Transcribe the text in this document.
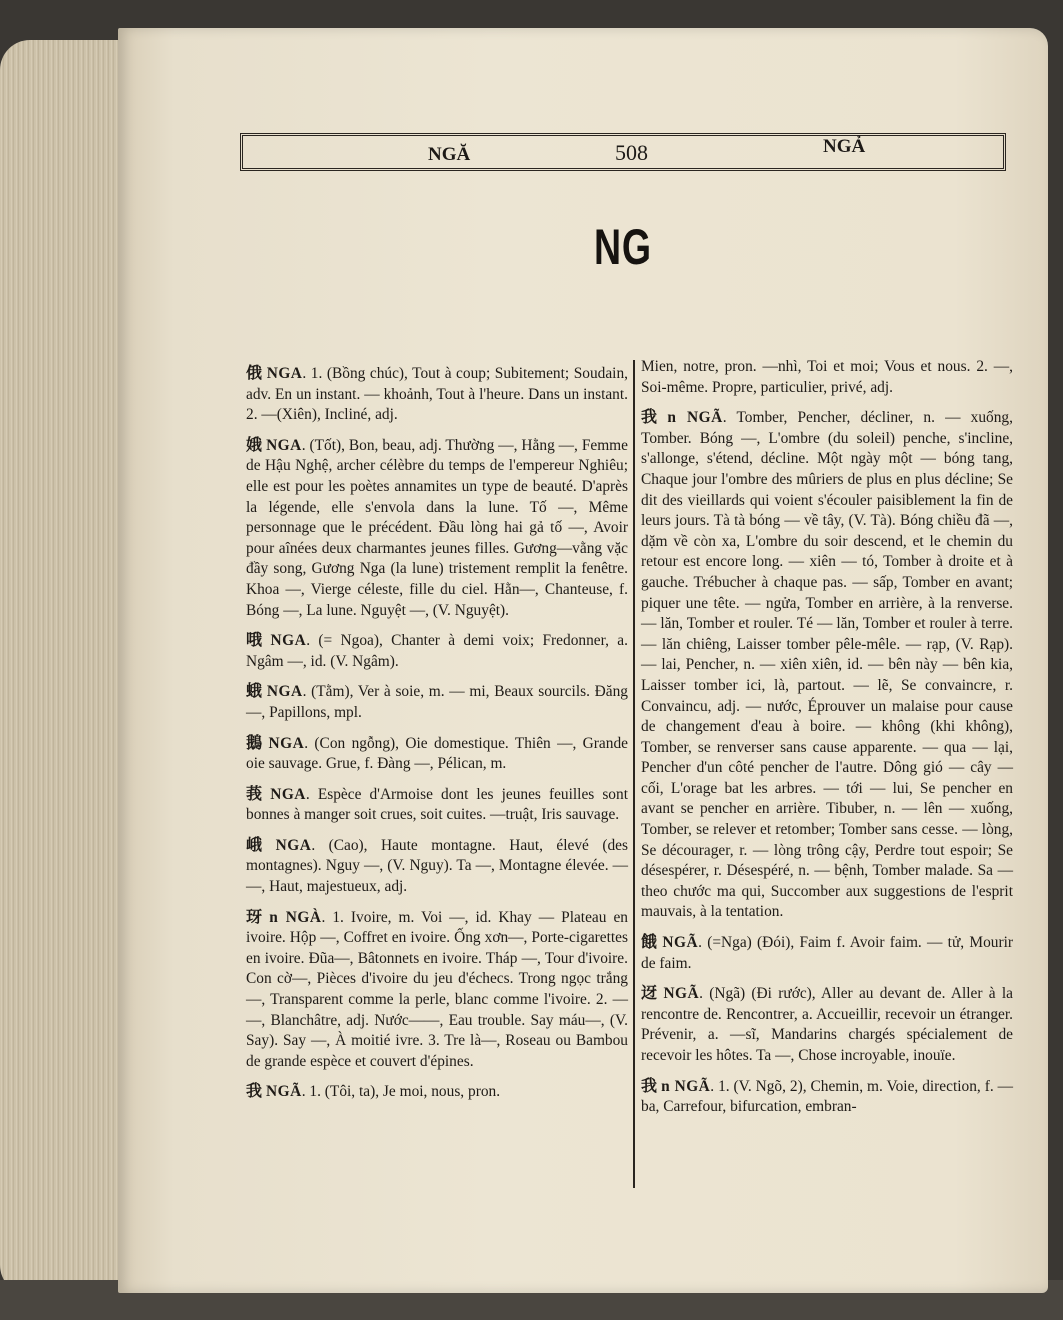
NGĂ	508	NGẢ
NG
俄 NGA. 1. (Bồng chúc), Tout à coup; Subitement; Soudain, adv. En un instant. — khoảnh, Tout à l'heure. Dans un instant. 2. —(Xiên), Incliné, adj.
娥 NGA. (Tốt), Bon, beau, adj. Thường —, Hằng —, Femme de Hậu Nghệ, archer célèbre du temps de l'empereur Nghiêu; elle est pour les poètes annamites un type de beauté. D'après la légende, elle s'envola dans la lune. Tố —, Même personnage que le précédent. Đầu lòng hai gả tố —, Avoir pour aînées deux charmantes jeunes filles. Gương—vằng vặc đầy song, Gương Nga (la lune) tristement remplit la fenêtre. Khoa —, Vierge céleste, fille du ciel. Hằn—, Chanteuse, f. Bóng —, La lune. Nguyệt —, (V. Nguyệt).
哦 NGA. (= Ngoa), Chanter à demi voix; Fredonner, a. Ngâm —, id. (V. Ngâm).
蛾 NGA. (Tằm), Ver à soie, m. — mi, Beaux sourcils. Đăng —, Papillons, mpl.
鵝 NGA. (Con ngỗng), Oie domestique. Thiên —, Grande oie sauvage. Grue, f. Đàng —, Pélican, m.
莪 NGA. Espèce d'Armoise dont les jeunes feuilles sont bonnes à manger soit crues, soit cuites. —truật, Iris sauvage.
峨 NGA. (Cao), Haute montagne. Haut, élevé (des montagnes). Nguy —, (V. Nguy). Ta —, Montagne élevée. — —, Haut, majestueux, adj.
玡 n NGÀ. 1. Ivoire, m. Voi —, id. Khay — Plateau en ivoire. Hộp —, Coffret en ivoire. Ống xơn—, Porte-cigarettes en ivoire. Đũa—, Bâtonnets en ivoire. Tháp —, Tour d'ivoire. Con cờ—, Pièces d'ivoire du jeu d'échecs. Trong ngọc trắng—, Transparent comme la perle, blanc comme l'ivoire. 2. — —, Blanchâtre, adj. Nước——, Eau trouble. Say máu—, (V. Say). Say —, À moitié ivre. 3. Tre là—, Roseau ou Bambou de grande espèce et couvert d'épines.
我 NGÃ. 1. (Tôi, ta), Je moi, nous, pron.
Mien, notre, pron. —nhì, Toi et moi; Vous et nous. 2. —, Soi-même. Propre, particulier, privé, adj.
我 n NGÃ. Tomber, Pencher, décliner, n. — xuống, Tomber. Bóng —, L'ombre (du soleil) penche, s'incline, s'allonge, s'étend, décline. Một ngày một — bóng tang, Chaque jour l'ombre des mûriers de plus en plus décline; Se dit des vieillards qui voient s'écouler paisiblement la fin de leurs jours. Tà tà bóng — về tây, (V. Tà). Bóng chiều đã —, dặm về còn xa, L'ombre du soir descend, et le chemin du retour est encore long. — xiên — tó, Tomber à droite et à gauche. Trébucher à chaque pas. — sấp, Tomber en avant; piquer une tête. — ngửa, Tomber en arrière, à la renverse. — lăn, Tomber et rouler. Té — lăn, Tomber et rouler à terre. — lăn chiêng, Laisser tomber pêle-mêle. — rạp, (V. Rạp). — lai, Pencher, n. — xiên xiên, id. — bên này — bên kia, Laisser tomber ici, là, partout. — lẽ, Se convaincre, r. Convaincu, adj. — nước, Éprouver un malaise pour cause de changement d'eau à boire. — không (khi không), Tomber, se renverser sans cause apparente. — qua — lại, Pencher d'un côté pencher de l'autre. Dông gió — cây — cối, L'orage bat les arbres. — tới — lui, Se pencher en avant se pencher en arrière. Tibuber, n. — lên — xuống, Tomber, se relever et retomber; Tomber sans cesse. — lòng, Se décourager, r. — lòng trông cậy, Perdre tout espoir; Se désespérer, r. Désespéré, n. — bệnh, Tomber malade. Sa — theo chước ma qui, Succomber aux suggestions de l'esprit mauvais, à la tentation.
餓 NGÃ. (=Nga) (Đói), Faim f. Avoir faim. — tử, Mourir de faim.
迓 NGÃ. (Ngã) (Đi rước), Aller au devant de. Aller à la rencontre de. Rencontrer, a. Accueillir, recevoir un étranger. Prévenir, a. —sĩ, Mandarins chargés spécialement de recevoir les hôtes. Ta —, Chose incroyable, inouïe.
我 n NGÃ. 1. (V. Ngõ, 2), Chemin, m. Voie, direction, f. —ba, Carrefour, bifurcation, embran-
